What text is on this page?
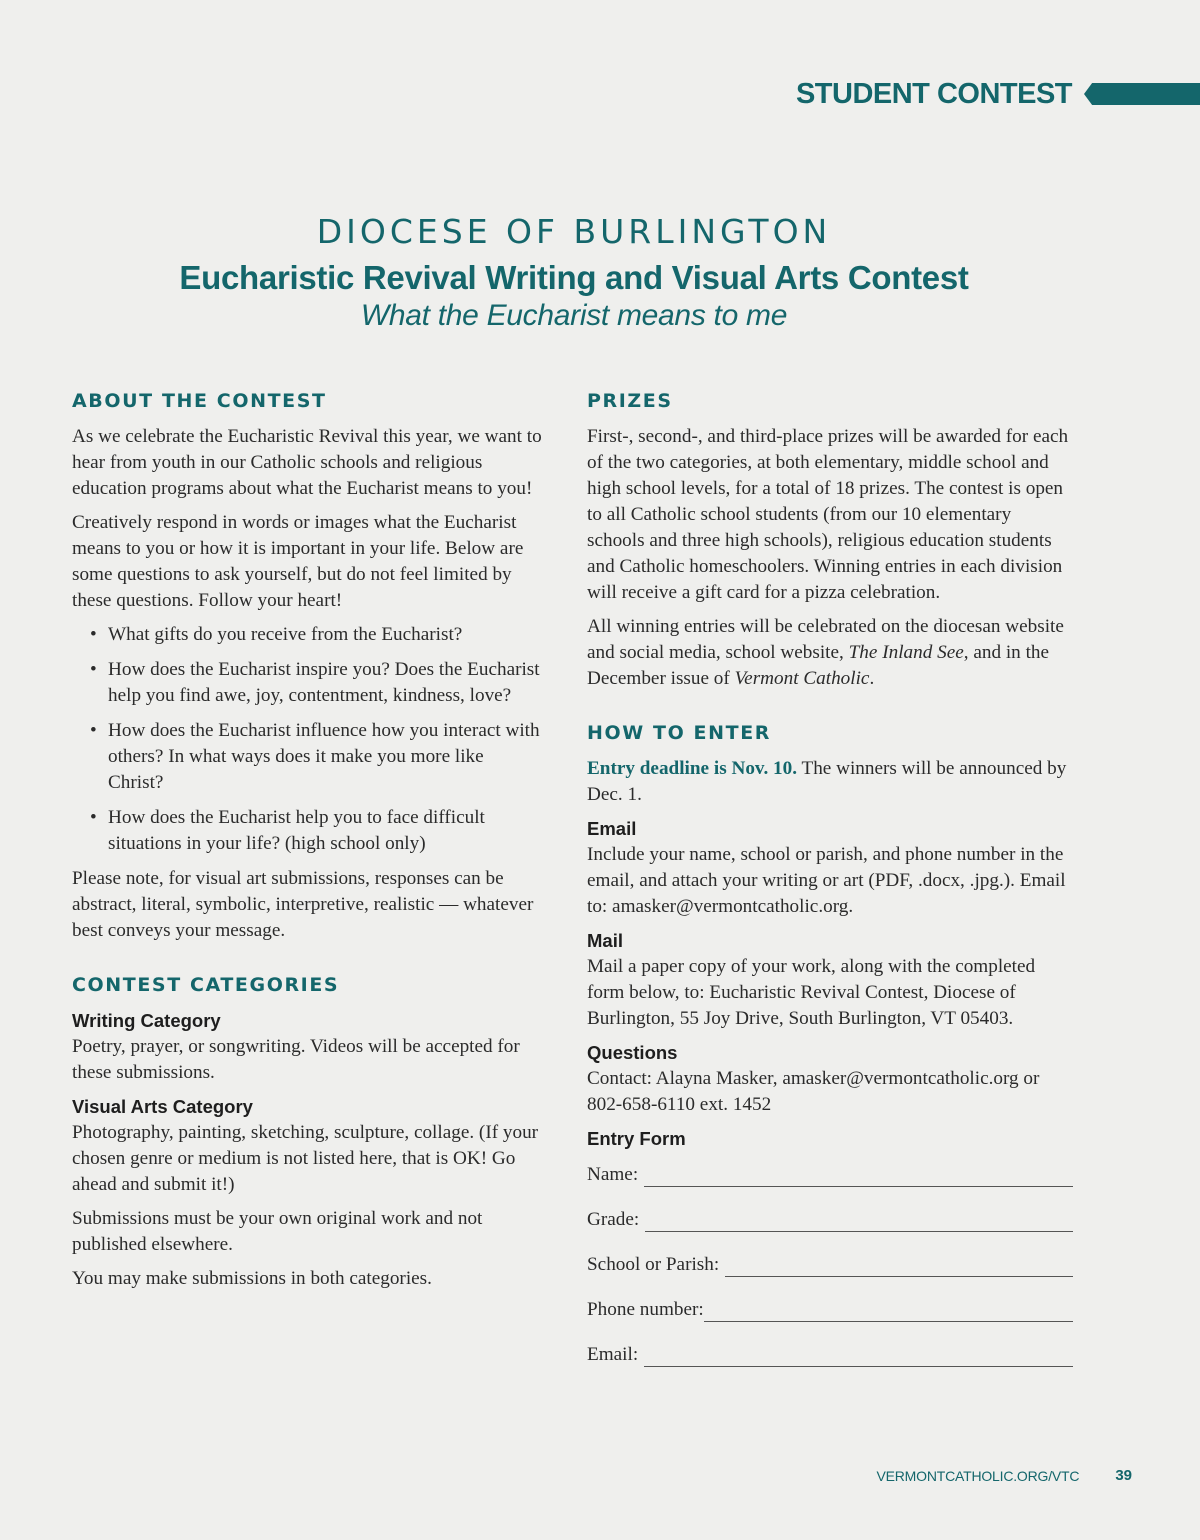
STUDENT CONTEST
DIOCESE OF BURLINGTON
Eucharistic Revival Writing and Visual Arts Contest
What the Eucharist means to me
ABOUT THE CONTEST

As we celebrate the Eucharistic Revival this year, we want to hear from youth in our Catholic schools and religious education programs about what the Eucharist means to you!

Creatively respond in words or images what the Eucharist means to you or how it is important in your life. Below are some questions to ask yourself, but do not feel limited by these questions. Follow your heart!

• What gifts do you receive from the Eucharist?
• How does the Eucharist inspire you? Does the Eucharist help you find awe, joy, contentment, kindness, love?
• How does the Eucharist influence how you interact with others? In what ways does it make you more like Christ?
• How does the Eucharist help you to face difficult situations in your life? (high school only)

Please note, for visual art submissions, responses can be abstract, literal, symbolic, interpretive, realistic — whatever best conveys your message.

CONTEST CATEGORIES
Writing Category

Poetry, prayer, or songwriting. Videos will be accepted for these submissions.

Visual Arts Category

Photography, painting, sketching, sculpture, collage. (If your chosen genre or medium is not listed here, that is OK! Go ahead and submit it!)

Submissions must be your own original work and not published elsewhere.

You may make submissions in both categories.

PRIZES

First-, second-, and third-place prizes will be awarded for each of the two categories, at both elementary, middle school and high school levels, for a total of 18 prizes. The contest is open to all Catholic school students (from our 10 elementary schools and three high schools), religious education students and Catholic homeschoolers. Winning entries in each division will receive a gift card for a pizza celebration.

All winning entries will be celebrated on the diocesan website and social media, school website, The Inland See, and in the December issue of Vermont Catholic.

HOW TO ENTER

Entry deadline is Nov. 10. The winners will be announced by Dec. 1.

Email

Include your name, school or parish, and phone number in the email, and attach your writing or art (PDF, .docx, .jpg.). Email to: amasker@vermontcatholic.org.

Mail

Mail a paper copy of your work, along with the completed form below, to: Eucharistic Revival Contest, Diocese of Burlington, 55 Joy Drive, South Burlington, VT 05403.

Questions

Contact: Alayna Masker, amasker@vermontcatholic.org or 802-658-6110 ext. 1452

Entry Form
Name:
Grade:
School or Parish:
Phone number:
Email:
VERMONTCATHOLIC.ORG/VTC 39
